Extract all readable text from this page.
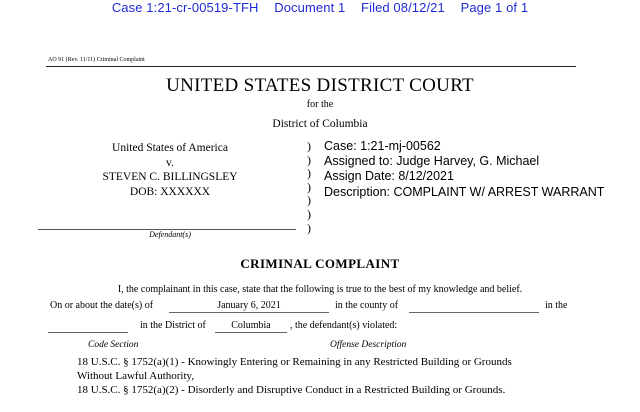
Case 1:21-cr-00519-TFH Document 1 Filed 08/12/21 Page 1 of 1
AO 91 (Rev. 11/11) Criminal Complaint
UNITED STATES DISTRICT COURT
for the
District of Columbia
United States of America
v.
STEVEN C. BILLINGSLEY
DOB: XXXXXX
Defendant(s)
)
)
)
)
)
)
)
Case: 1:21-mj-00562
Assigned to: Judge Harvey, G. Michael
Assign Date: 8/12/2021
Description: COMPLAINT W/ ARREST WARRANT
CRIMINAL COMPLAINT
I, the complainant in this case, state that the following is true to the best of my knowledge and belief.
On or about the date(s) of	January 6, 2021	in the county of	in the
in the District of	Columbia	, the defendant(s) violated:
Code Section	Offense Description
18 U.S.C. § 1752(a)(1) - Knowingly Entering or Remaining in any Restricted Building or Grounds
Without Lawful Authority,
18 U.S.C. § 1752(a)(2) - Disorderly and Disruptive Conduct in a Restricted Building or Grounds.
